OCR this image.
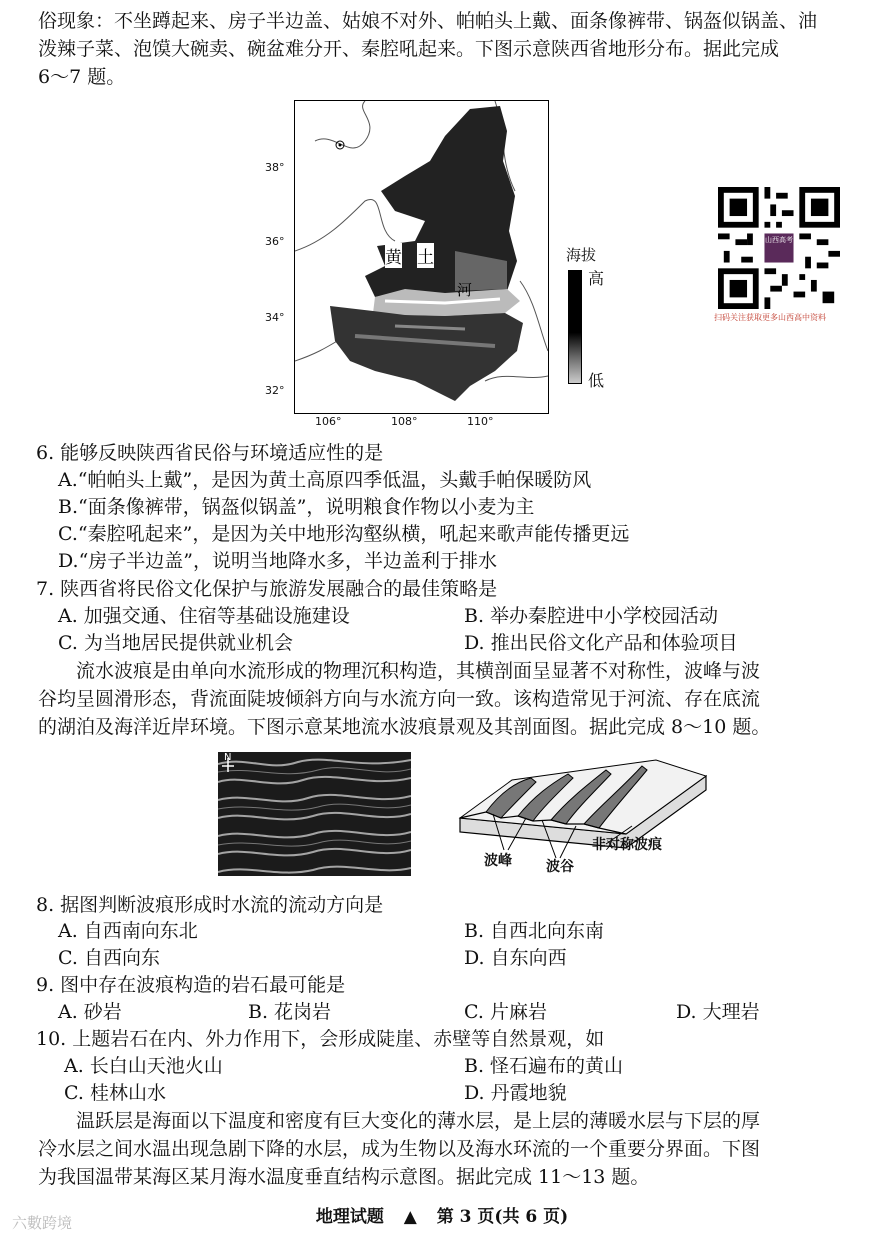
俗现象：不坐蹲起来、房子半边盖、姑娘不对外、帕帕头上戴、面条像裤带、锅盔似锅盖、油
泼辣子菜、泡馍大碗卖、碗盆难分开、秦腔吼起来。下图示意陕西省地形分布。据此完成
6～7 题。
38°
36°
34°
32°
106°	108°	110°
黄 土
河
海拔
高
低
山西高考
扫码关注获取更多山西高中资料
6. 能够反映陕西省民俗与环境适应性的是
A.“帕帕头上戴”，是因为黄土高原四季低温，头戴手帕保暖防风
B.“面条像裤带，锅盔似锅盖”，说明粮食作物以小麦为主
C.“秦腔吼起来”，是因为关中地形沟壑纵横，吼起来歌声能传播更远
D.“房子半边盖”，说明当地降水多，半边盖利于排水
7. 陕西省将民俗文化保护与旅游发展融合的最佳策略是
A. 加强交通、住宿等基础设施建设	B. 举办秦腔进中小学校园活动
C. 为当地居民提供就业机会	D. 推出民俗文化产品和体验项目
流水波痕是由单向水流形成的物理沉积构造，其横剖面呈显著不对称性，波峰与波
谷均呈圆滑形态，背流面陡坡倾斜方向与水流方向一致。该构造常见于河流、存在底流
的湖泊及海洋近岸环境。下图示意某地流水波痕景观及其剖面图。据此完成 8～10 题。
N
非对称波痕
波峰 波谷
8. 据图判断波痕形成时水流的流动方向是
A. 自西南向东北	B. 自西北向东南
C. 自西向东	D. 自东向西
9. 图中存在波痕构造的岩石最可能是
A. 砂岩	B. 花岗岩	C. 片麻岩	D. 大理岩
10. 上题岩石在内、外力作用下，会形成陡崖、赤壁等自然景观，如
A. 长白山天池火山	B. 怪石遍布的黄山
C. 桂林山水	D. 丹霞地貌
温跃层是海面以下温度和密度有巨大变化的薄水层，是上层的薄暖水层与下层的厚
冷水层之间水温出现急剧下降的水层，成为生物以及海水环流的一个重要分界面。下图
为我国温带某海区某月海水温度垂直结构示意图。据此完成 11～13 题。
地理试题 ▲ 第 3 页(共 6 页)
六數跨境
